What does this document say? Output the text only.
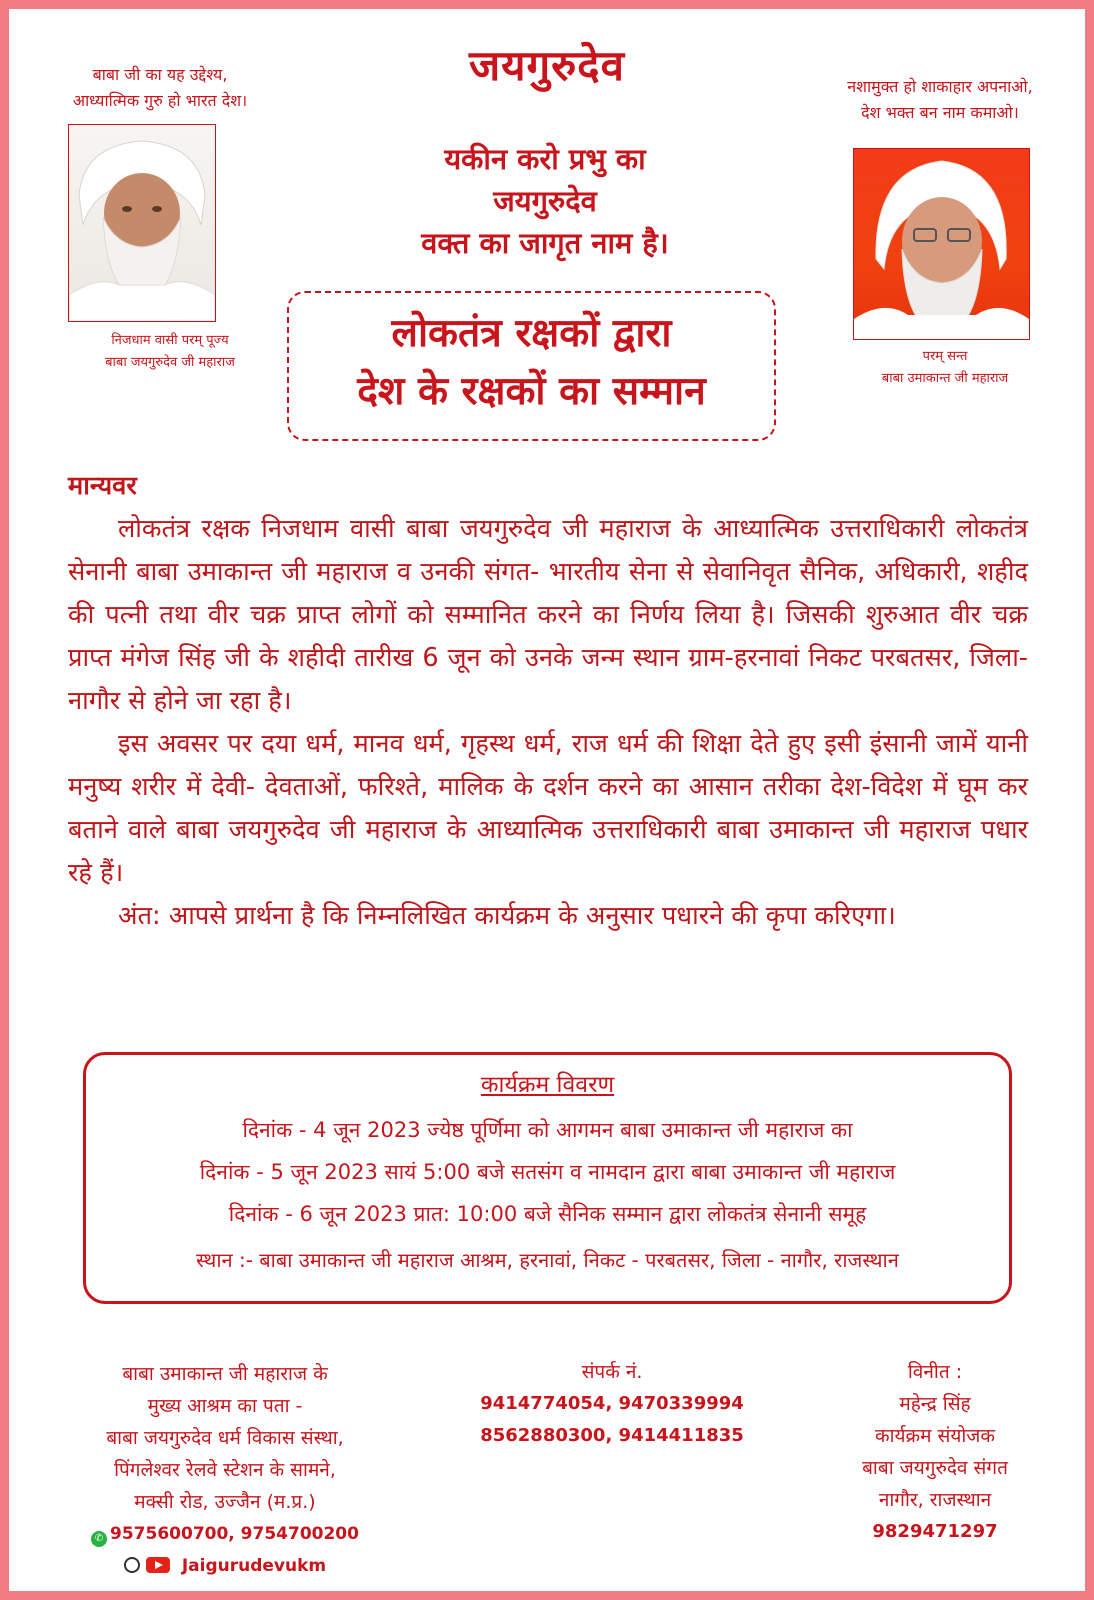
जयगुरुदेव
बाबा जी का यह उद्देश्य,
आध्यात्मिक गुरु हो भारत देश।
नशामुक्त हो शाकाहार अपनाओ,
देश भक्त बन नाम कमाओ।
यकीन करो प्रभु का
जयगुरुदेव
वक्त का जागृत नाम है।
निजधाम वासी परम् पूज्य
बाबा जयगुरुदेव जी महाराज	परम् सन्त
बाबा उमाकान्त जी महाराज
लोकतंत्र रक्षकों द्वारा
देश के रक्षकों का सम्मान

मान्यवर

लोकतंत्र रक्षक निजधाम वासी बाबा जयगुरुदेव जी महाराज के आध्यात्मिक उत्तराधिकारी लोकतंत्र सेनानी बाबा उमाकान्त जी महाराज व उनकी संगत- भारतीय सेना से सेवानिवृत सैनिक, अधिकारी, शहीद की पत्नी तथा वीर चक्र प्राप्त लोगों को सम्मानित करने का निर्णय लिया है। जिसकी शुरुआत वीर चक्र प्राप्त मंगेज सिंह जी के शहीदी तारीख 6 जून को उनके जन्म स्थान ग्राम-हरनावां निकट परबतसर, जिला-नागौर से होने जा रहा है।

इस अवसर पर दया धर्म, मानव धर्म, गृहस्थ धर्म, राज धर्म की शिक्षा देते हुए इसी इंसानी जामें यानी मनुष्य शरीर में देवी- देवताओं, फरिश्ते, मालिक के दर्शन करने का आसान तरीका देश-विदेश में घूम कर बताने वाले बाबा जयगुरुदेव जी महाराज के आध्यात्मिक उत्तराधिकारी बाबा उमाकान्त जी महाराज पधार रहे हैं।

अंत: आपसे प्रार्थना है कि निम्नलिखित कार्यक्रम के अनुसार पधारने की कृपा करिएगा।

कार्यक्रम विवरण
दिनांक - 4 जून 2023 ज्येष्ठ पूर्णिमा को आगमन बाबा उमाकान्त जी महाराज का
दिनांक - 5 जून 2023 सायं 5:00 बजे सतसंग व नामदान द्वारा बाबा उमाकान्त जी महाराज
दिनांक - 6 जून 2023 प्रात: 10:00 बजे सैनिक सम्मान द्वारा लोकतंत्र सेनानी समूह
स्थान :- बाबा उमाकान्त जी महाराज आश्रम, हरनावां, निकट - परबतसर, जिला - नागौर, राजस्थान
बाबा उमाकान्त जी महाराज के
मुख्य आश्रम का पता -
बाबा जयगुरुदेव धर्म विकास संस्था,
पिंगलेश्वर रेलवे स्टेशन के सामने,
मक्सी रोड, उज्जैन (म.प्र.)
✆ 9575600700, 9754700200
Jaigurudevukm
संपर्क नं.
9414774054, 9470339994
8562880300, 9414411835
विनीत :
महेन्द्र सिंह
कार्यक्रम संयोजक
बाबा जयगुरुदेव संगत
नागौर, राजस्थान
9829471297
